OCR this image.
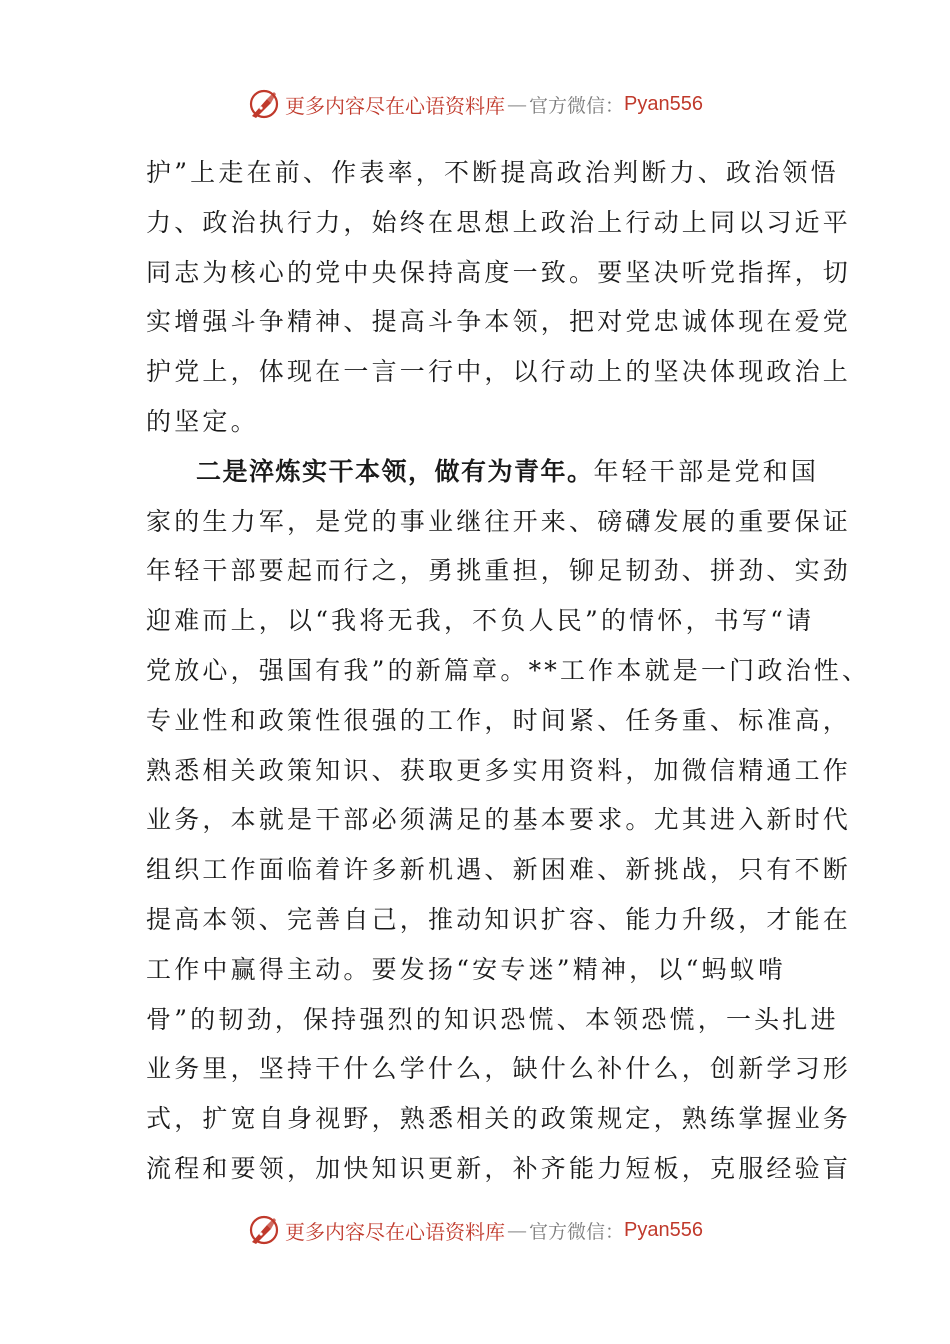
更多内容尽在心语资料库 — 官方微信： Pyan556
护”上走在前、作表率，不断提高政治判断力、政治领悟
力、政治执行力，始终在思想上政治上行动上同以习近平
同志为核心的党中央保持高度一致。要坚决听党指挥，切
实增强斗争精神、提高斗争本领，把对党忠诚体现在爱党
护党上，体现在一言一行中，以行动上的坚决体现政治上
的坚定。
二是淬炼实干本领，做有为青年。年轻干部是党和国
家的生力军，是党的事业继往开来、磅礴发展的重要保证
年轻干部要起而行之，勇挑重担，铆足韧劲、拼劲、实劲
迎难而上，以“我将无我，不负人民”的情怀，书写“请
党放心，强国有我”的新篇章。**工作本就是一门政治性、
专业性和政策性很强的工作，时间紧、任务重、标准高，
熟悉相关政策知识、获取更多实用资料，加微信精通工作
业务，本就是干部必须满足的基本要求。尤其进入新时代
组织工作面临着许多新机遇、新困难、新挑战，只有不断
提高本领、完善自己，推动知识扩容、能力升级，才能在
工作中赢得主动。要发扬“安专迷”精神，以“蚂蚁啃
骨”的韧劲，保持强烈的知识恐慌、本领恐慌，一头扎进
业务里，坚持干什么学什么，缺什么补什么，创新学习形
式，扩宽自身视野，熟悉相关的政策规定，熟练掌握业务
流程和要领，加快知识更新，补齐能力短板，克服经验盲
更多内容尽在心语资料库 — 官方微信： Pyan556
